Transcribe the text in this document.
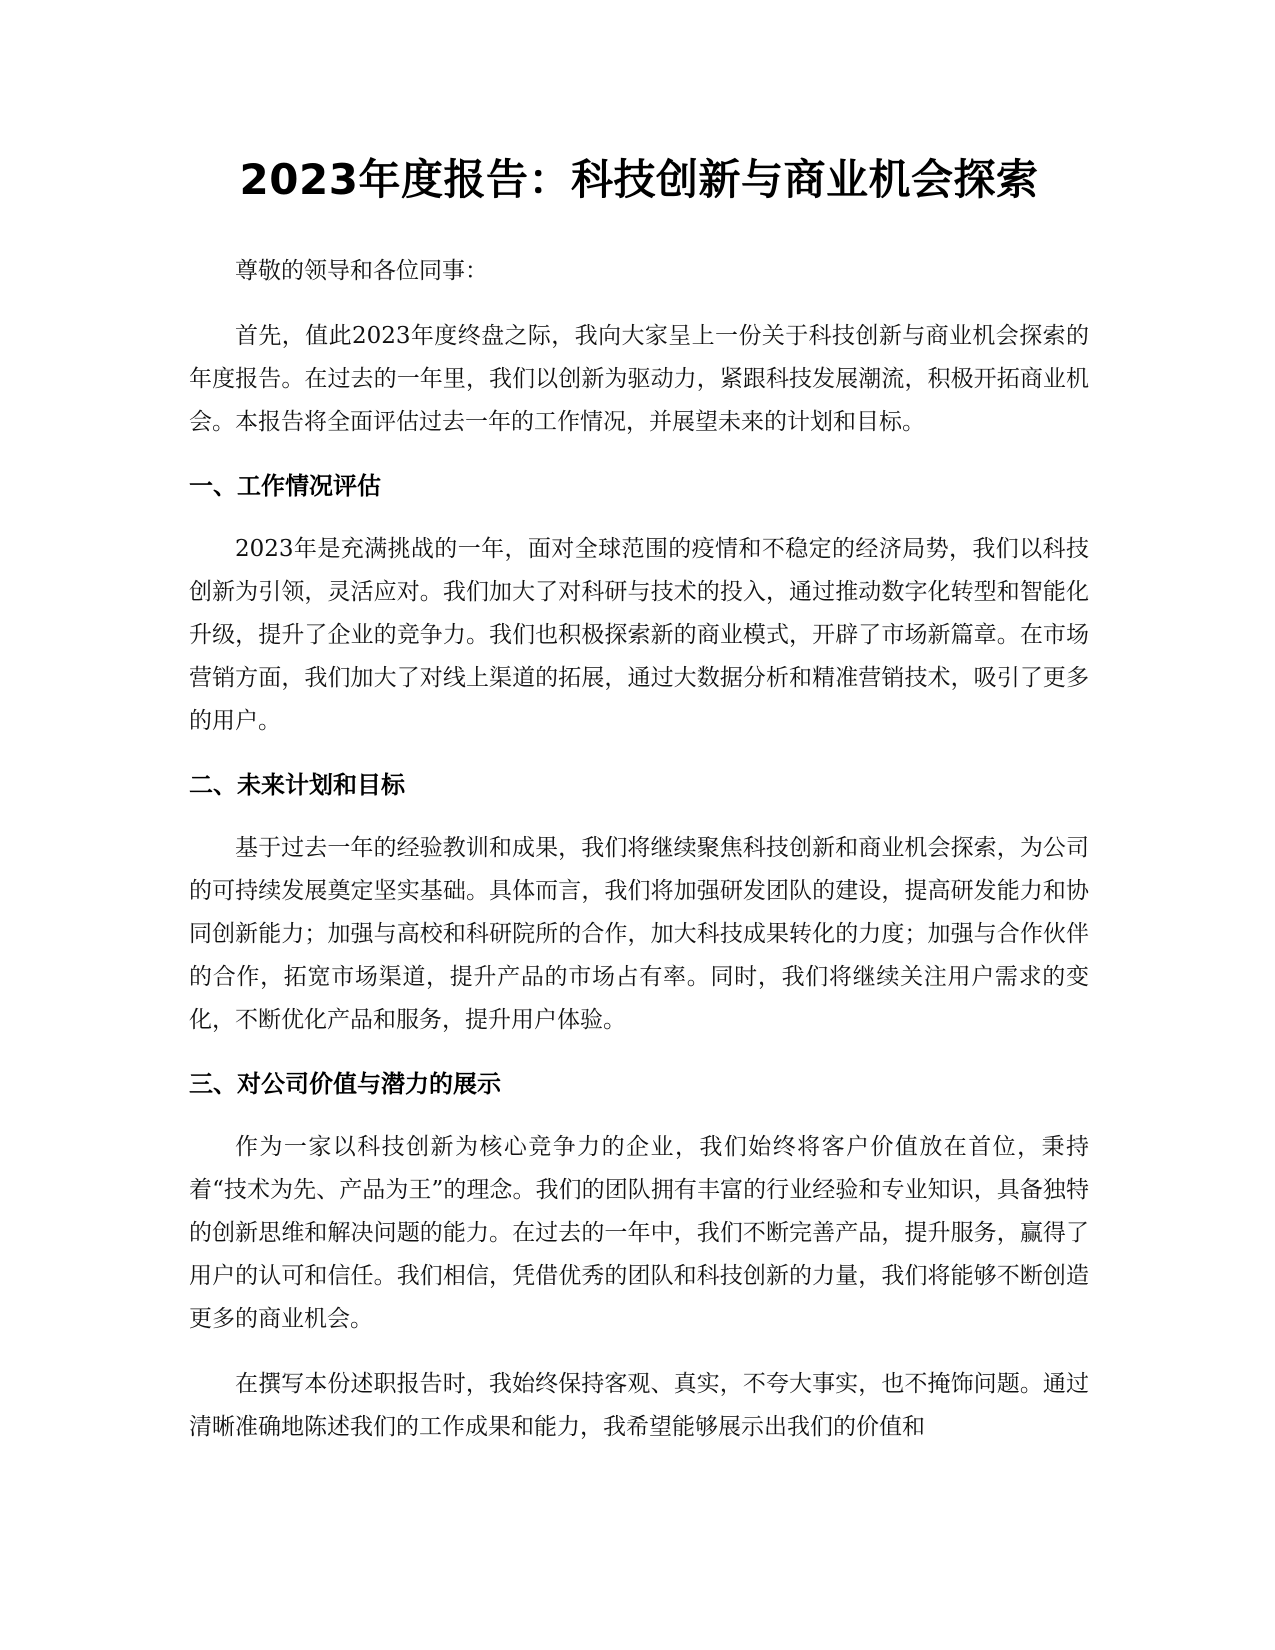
2023年度报告：科技创新与商业机会探索

尊敬的领导和各位同事：

首先，值此2023年度终盘之际，我向大家呈上一份关于科技创新与商业机会探索的年度报告。在过去的一年里，我们以创新为驱动力，紧跟科技发展潮流，积极开拓商业机会。本报告将全面评估过去一年的工作情况，并展望未来的计划和目标。

一、工作情况评估

2023年是充满挑战的一年，面对全球范围的疫情和不稳定的经济局势，我们以科技创新为引领，灵活应对。我们加大了对科研与技术的投入，通过推动数字化转型和智能化升级，提升了企业的竞争力。我们也积极探索新的商业模式，开辟了市场新篇章。在市场营销方面，我们加大了对线上渠道的拓展，通过大数据分析和精准营销技术，吸引了更多的用户。

二、未来计划和目标

基于过去一年的经验教训和成果，我们将继续聚焦科技创新和商业机会探索，为公司的可持续发展奠定坚实基础。具体而言，我们将加强研发团队的建设，提高研发能力和协同创新能力；加强与高校和科研院所的合作，加大科技成果转化的力度；加强与合作伙伴的合作，拓宽市场渠道，提升产品的市场占有率。同时，我们将继续关注用户需求的变化，不断优化产品和服务，提升用户体验。

三、对公司价值与潜力的展示

作为一家以科技创新为核心竞争力的企业，我们始终将客户价值放在首位，秉持着“技术为先、产品为王”的理念。我们的团队拥有丰富的行业经验和专业知识，具备独特的创新思维和解决问题的能力。在过去的一年中，我们不断完善产品，提升服务，赢得了用户的认可和信任。我们相信，凭借优秀的团队和科技创新的力量，我们将能够不断创造更多的商业机会。

在撰写本份述职报告时，我始终保持客观、真实，不夸大事实，也不掩饰问题。通过清晰准确地陈述我们的工作成果和能力，我希望能够展示出我们的价值和
